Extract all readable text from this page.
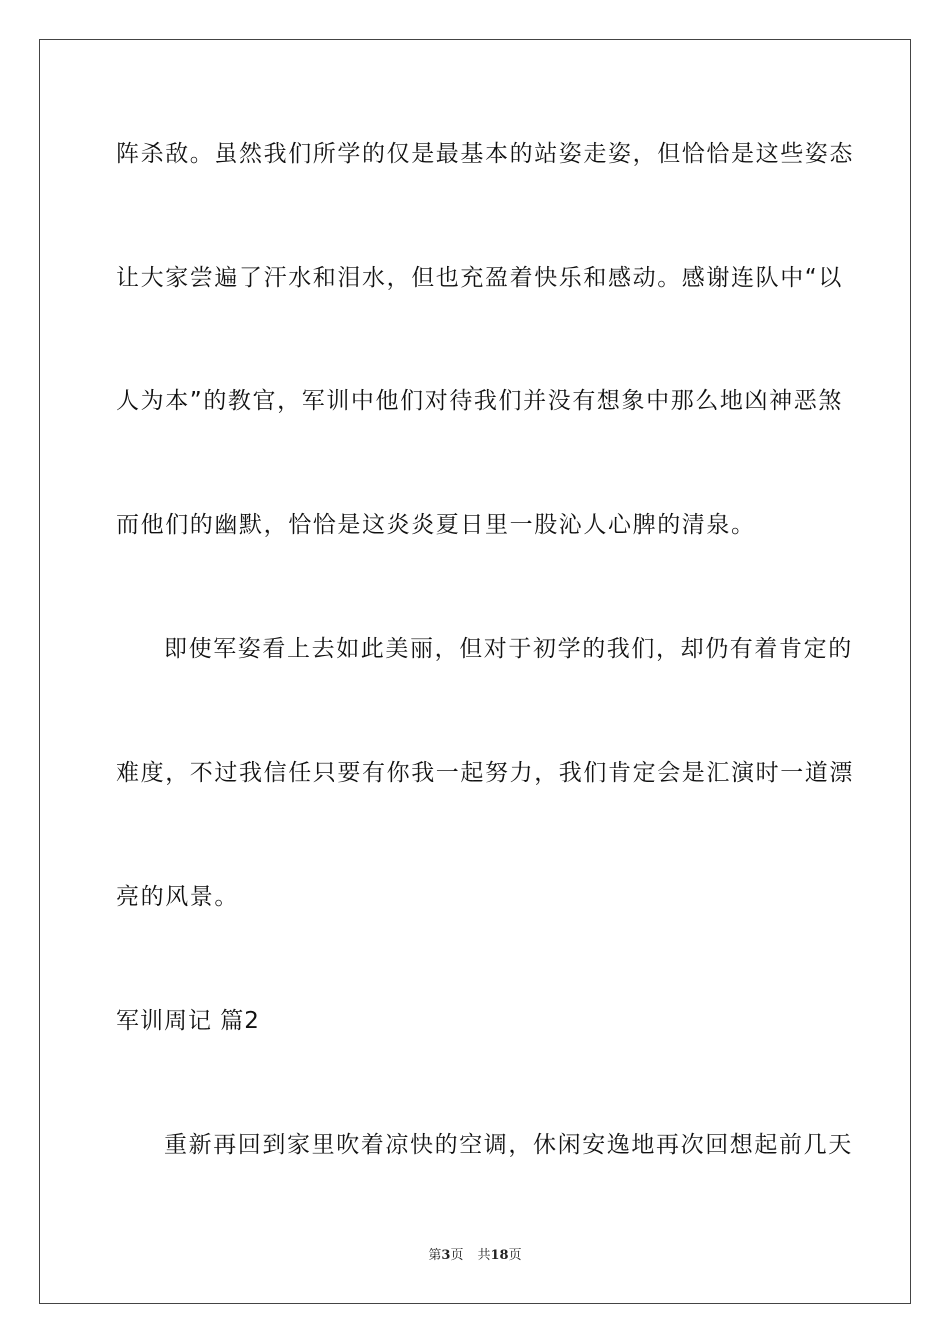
阵杀敌。虽然我们所学的仅是最基本的站姿走姿，但恰恰是这些姿态
让大家尝遍了汗水和泪水，但也充盈着快乐和感动。感谢连队中“以
人为本”的教官，军训中他们对待我们并没有想象中那么地凶神恶煞
而他们的幽默，恰恰是这炎炎夏日里一股沁人心脾的清泉。
即使军姿看上去如此美丽，但对于初学的我们，却仍有着肯定的
难度，不过我信任只要有你我一起努力，我们肯定会是汇演时一道漂
亮的风景。
军训周记 篇2
重新再回到家里吹着凉快的空调，休闲安逸地再次回想起前几天
第3页 共18页
